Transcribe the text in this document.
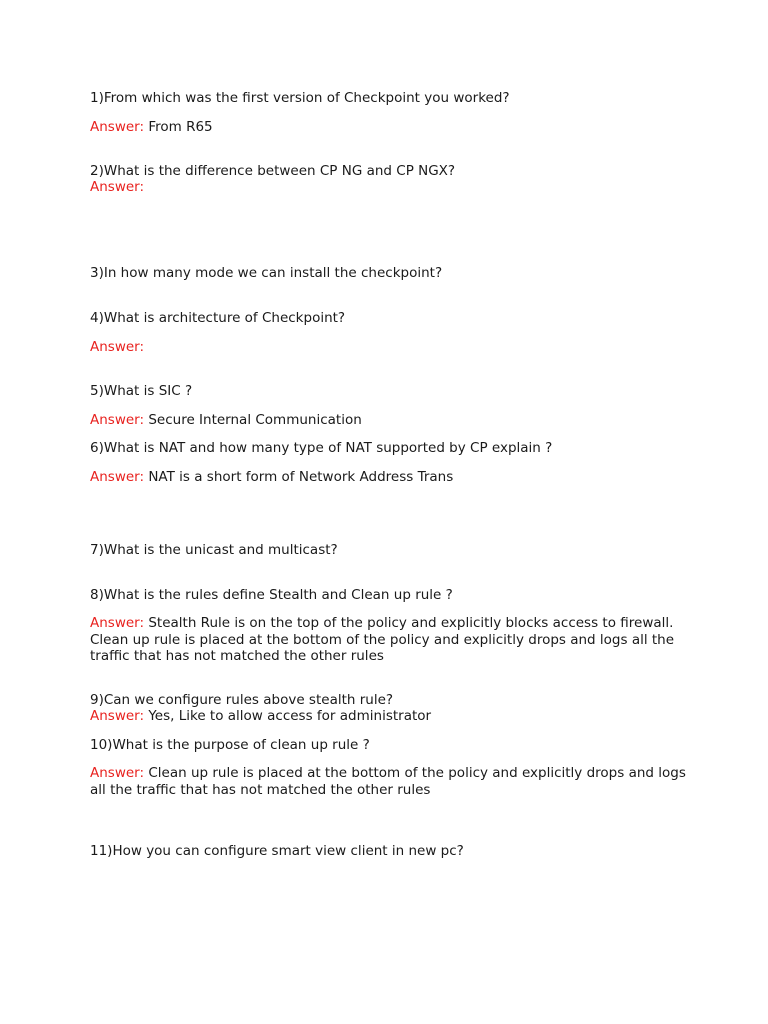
1)From which was the first version of Checkpoint you worked?
Answer: From R65
2)What is the difference between CP NG and CP NGX?
Answer:
3)In how many mode we can install the checkpoint?
4)What is architecture of Checkpoint?
Answer:
5)What is SIC ?
Answer: Secure Internal Communication
6)What is NAT and how many type of NAT supported by CP explain ?
Answer: NAT is a short form of Network Address Trans
7)What is the unicast and multicast?
8)What is the rules define Stealth and Clean up rule ?
Answer: Stealth Rule is on the top of the policy and explicitly blocks access to firewall. Clean up rule is placed at the bottom of the policy and explicitly drops and logs all the traffic that has not matched the other rules
9)Can we configure rules above stealth rule?
Answer: Yes, Like to allow access for administrator
10)What is the purpose of clean up rule ?
Answer: Clean up rule is placed at the bottom of the policy and explicitly drops and logs all the traffic that has not matched the other rules
11)How you can configure smart view client in new pc?
